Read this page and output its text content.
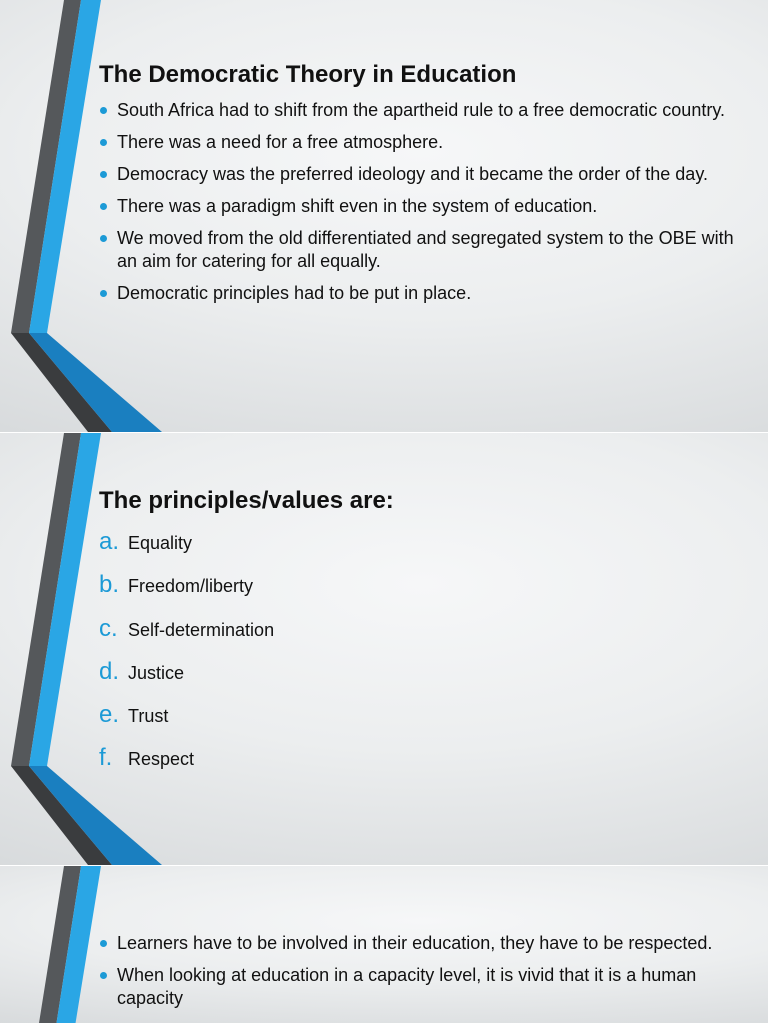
The Democratic Theory in Education
South Africa had to shift from the apartheid rule to a free democratic country.
There was a need for a free atmosphere.
Democracy was the preferred ideology and it became the order of the day.
There was a paradigm shift even in the system of education.
We moved from the old differentiated and segregated system to the OBE with an aim for catering for all equally.
Democratic principles had to be put in place.
The principles/values are:
a. Equality
b. Freedom/liberty
c. Self-determination
d. Justice
e. Trust
f. Respect
Learners have to be involved in their education, they have to be respected.
When looking at education in a capacity level, it is vivid that it is a human capacity
